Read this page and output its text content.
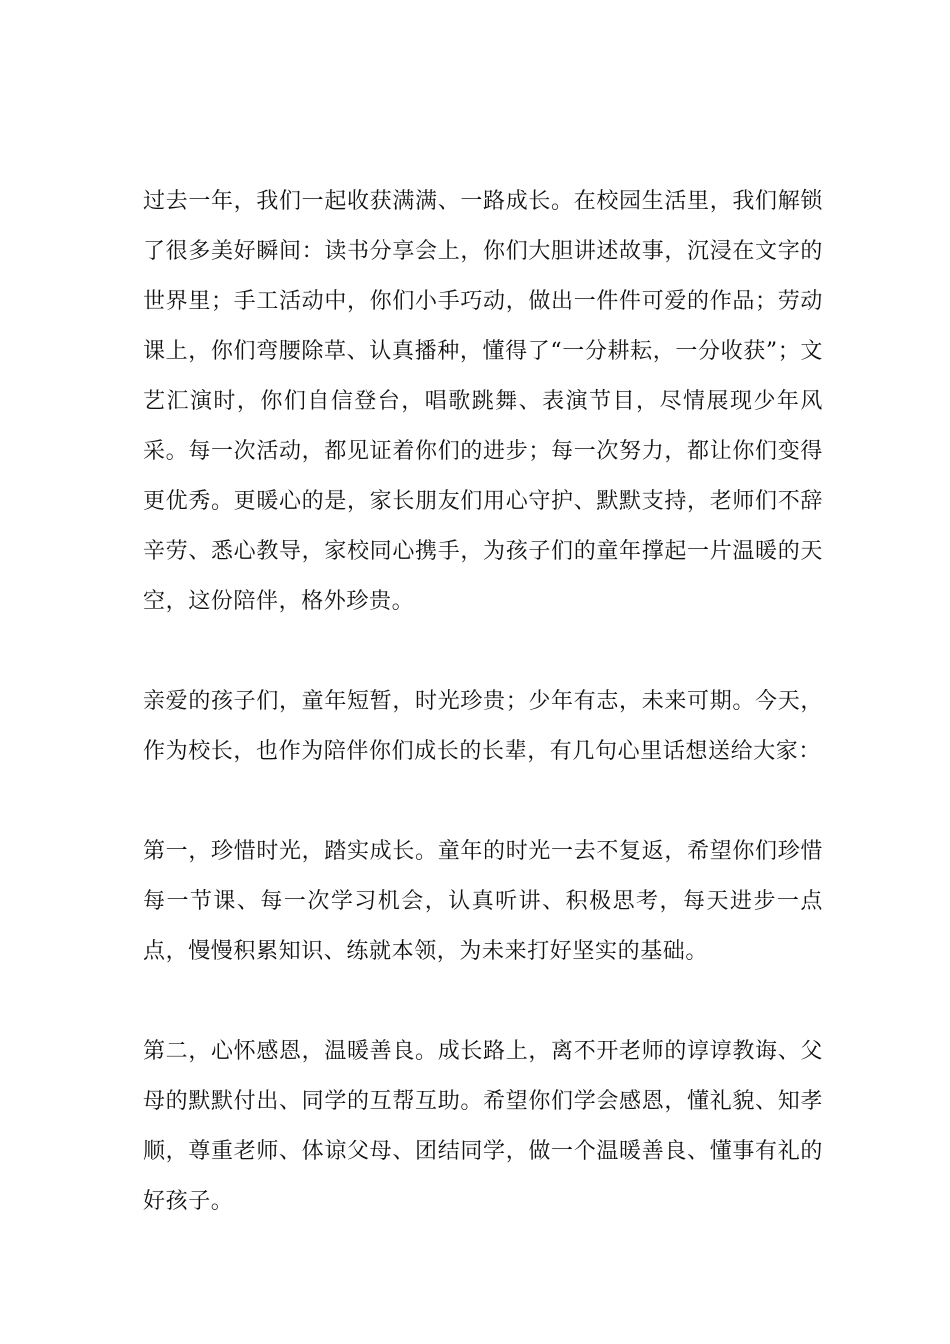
过去一年，我们一起收获满满、一路成长。在校园生活里，我们解锁了很多美好瞬间：读书分享会上，你们大胆讲述故事，沉浸在文字的世界里；手工活动中，你们小手巧动，做出一件件可爱的作品；劳动课上，你们弯腰除草、认真播种，懂得了“一分耕耘，一分收获”；文艺汇演时，你们自信登台，唱歌跳舞、表演节目，尽情展现少年风采。每一次活动，都见证着你们的进步；每一次努力，都让你们变得更优秀。更暖心的是，家长朋友们用心守护、默默支持，老师们不辞辛劳、悉心教导，家校同心携手，为孩子们的童年撑起一片温暖的天空，这份陪伴，格外珍贵。

亲爱的孩子们，童年短暂，时光珍贵；少年有志，未来可期。今天，作为校长，也作为陪伴你们成长的长辈，有几句心里话想送给大家：

第一，珍惜时光，踏实成长。童年的时光一去不复返，希望你们珍惜每一节课、每一次学习机会，认真听讲、积极思考，每天进步一点点，慢慢积累知识、练就本领，为未来打好坚实的基础。

第二，心怀感恩，温暖善良。成长路上，离不开老师的谆谆教诲、父母的默默付出、同学的互帮互助。希望你们学会感恩，懂礼貌、知孝顺，尊重老师、体谅父母、团结同学，做一个温暖善良、懂事有礼的好孩子。
